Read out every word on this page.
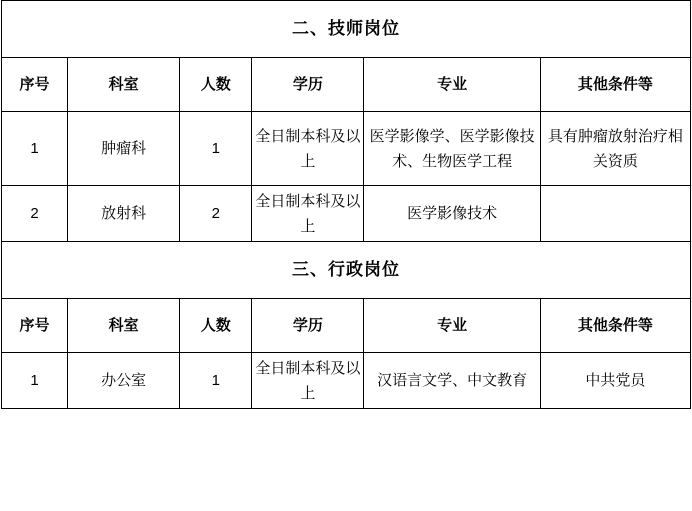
二、技师岗位					
序号	科室	人数	学历	专业	其他条件等
1	肿瘤科	1	全日制本科及以上	医学影像学、医学影像技术、生物医学工程	具有肿瘤放射治疗相关资质
2	放射科	2	全日制本科及以上	医学影像技术	
三、行政岗位					
序号	科室	人数	学历	专业	其他条件等
1	办公室	1	全日制本科及以上	汉语言文学、中文教育	中共党员
